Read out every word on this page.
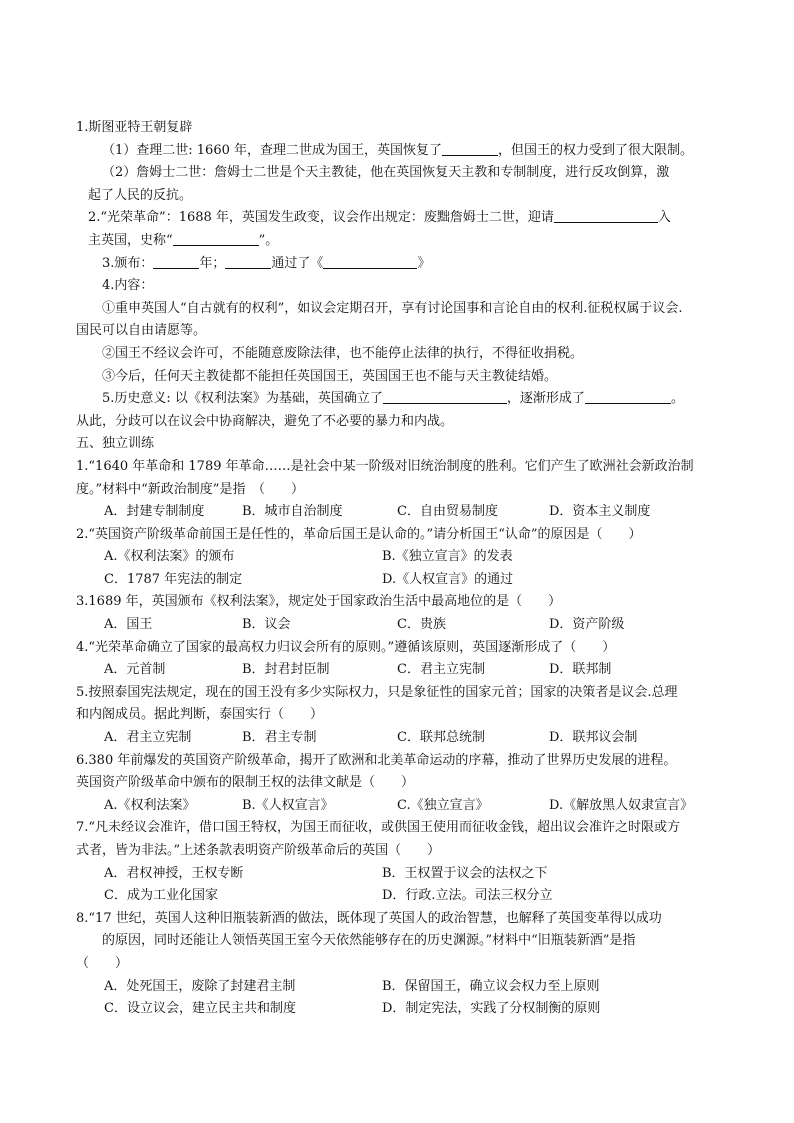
1.斯图亚特王朝复辟
（1）查理二世: 1660 年，查理二世成为国王，英国恢复了	，但国王的权力受到了很大限制。
（2）詹姆士二世：詹姆士二世是个天主教徒，他在英国恢复天主教和专制制度，进行反攻倒算，激
起了人民的反抗。
2.“光荣革命”：1688 年，英国发生政变，议会作出规定：废黜詹姆士二世，迎请	入
主英国，史称“	”。
3.颁布：	年；	通过了《	》
4.内容：
①重申英国人“自古就有的权利”，如议会定期召开，享有讨论国事和言论自由的权利.征税权属于议会.
国民可以自由请愿等。
②国王不经议会许可，不能随意废除法律，也不能停止法律的执行，不得征收捐税。
③今后，任何天主教徒都不能担任英国国王，英国国王也不能与天主教徒结婚。
5.历史意义: 以《权利法案》为基础，英国确立了	，逐渐形成了	。
从此，分歧可以在议会中协商解决，避免了不必要的暴力和内战。
五、独立训练
1.“1640 年革命和 1789 年革命……是社会中某一阶级对旧统治制度的胜利。它们产生了欧洲社会新政治制
度。”材料中“新政治制度”是指　（　　）
A．封建专制制度	B．城市自治制度	C．自由贸易制度	D．资本主义制度
2.“英国资产阶级革命前国王是任性的，革命后国王是认命的。”请分析国王“认命”的原因是（　　）
A.《权利法案》的颁布	B.《独立宣言》的发表
C．1787 年宪法的制定	D.《人权宣言》的通过
3.1689 年，英国颁布《权利法案》，规定处于国家政治生活中最高地位的是（　　）
A．国王	B．议会	C．贵族	D．资产阶级
4.“光荣革命确立了国家的最高权力归议会所有的原则。”遵循该原则，英国逐渐形成了（　　）
A．元首制	B．封君封臣制	C．君主立宪制	D．联邦制
5.按照泰国宪法规定，现在的国王没有多少实际权力，只是象征性的国家元首；国家的决策者是议会.总理
和内阁成员。据此判断，泰国实行（　　）
A．君主立宪制	B．君主专制	C．联邦总统制	D．联邦议会制
6.380 年前爆发的英国资产阶级革命，揭开了欧洲和北美革命运动的序幕，推动了世界历史发展的进程。
英国资产阶级革命中颁布的限制王权的法律文献是（　　）
A.《权利法案》	B.《人权宣言》	C.《独立宣言》	D.《解放黑人奴隶宣言》
7.“凡未经议会准许，借口国王特权，为国王而征收，或供国王使用而征收金钱，超出议会准许之时限或方
式者，皆为非法。”上述条款表明资产阶级革命后的英国（　　）
A．君权神授，王权专断	B．王权置于议会的法权之下
C．成为工业化国家	D．行政.立法。司法三权分立
8.“17 世纪，英国人这种旧瓶装新酒的做法，既体现了英国人的政治智慧，也解释了英国变革得以成功
　　的原因，同时还能让人领悟英国王室今天依然能够存在的历史渊源。”材料中“旧瓶装新酒”是指
（　　）
A．处死国王，废除了封建君主制	B．保留国王，确立议会权力至上原则
C．设立议会，建立民主共和制度	D．制定宪法，实践了分权制衡的原则
